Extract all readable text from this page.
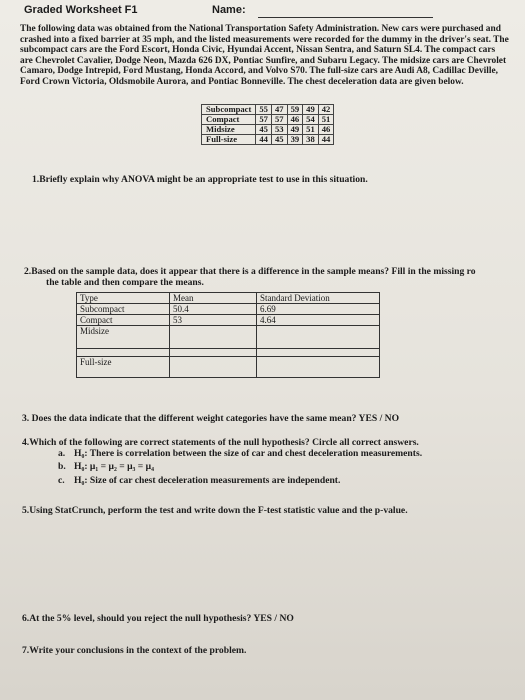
Graded Worksheet F1	Name:
The following data was obtained from the National Transportation Safety Administration. New cars were purchased and crashed into a fixed barrier at 35 mph, and the listed measurements were recorded for the dummy in the driver's seat. The subcompact cars are the Ford Escort, Honda Civic, Hyundai Accent, Nissan Sentra, and Saturn SL4. The compact cars are Chevrolet Cavalier, Dodge Neon, Mazda 626 DX, Pontiac Sunfire, and Subaru Legacy. The midsize cars are Chevrolet Camaro, Dodge Intrepid, Ford Mustang, Honda Accord, and Volvo S70. The full-size cars are Audi A8, Cadillac Deville, Ford Crown Victoria, Oldsmobile Aurora, and Pontiac Bonneville. The chest deceleration data are given below.
Subcompact	55	47	59	49	42
Compact	57	57	46	54	51
Midsize	45	53	49	51	46
Full-size	44	45	39	38	44
1.Briefly explain why ANOVA might be an appropriate test to use in this situation.
2.Based on the sample data, does it appear that there is a difference in the sample means? Fill in the missing ro
the table and then compare the means.
Type	Mean	Standard Deviation
Subcompact	50.4	6.69
Compact	53	4.64
Midsize		

Full-size		
3. Does the data indicate that the different weight categories have the same mean? YES / NO
4.Which of the following are correct statements of the null hypothesis? Circle all correct answers.
a. H₀: There is correlation between the size of car and chest deceleration measurements.
b. H₀: μ₁ = μ₂ = μ₃ = μ₄
c. H₀: Size of car chest deceleration measurements are independent.
5.Using StatCrunch, perform the test and write down the F-test statistic value and the p-value.
6.At the 5% level, should you reject the null hypothesis? YES / NO
7.Write your conclusions in the context of the problem.
